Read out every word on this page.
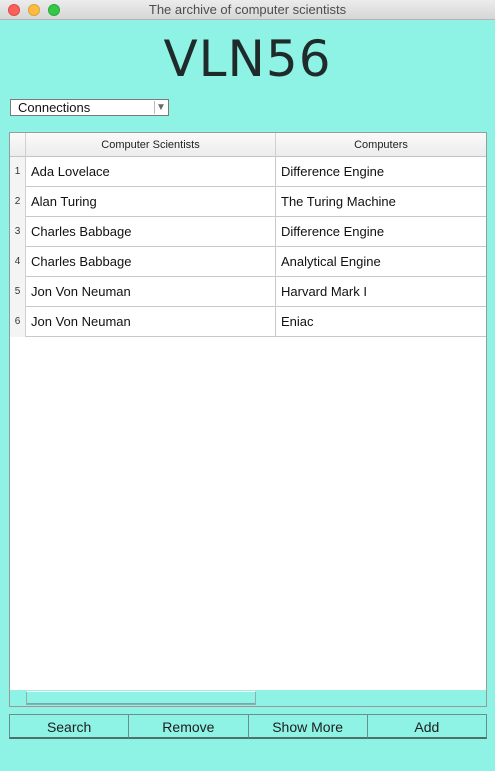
The archive of computer scientists
VLN56
Connections	▼
Computer Scientists	Computers
1 Ada Lovelace	Difference Engine
2 Alan Turing	The Turing Machine
3 Charles Babbage	Difference Engine
4 Charles Babbage	Analytical Engine
5 Jon Von Neuman	Harvard Mark I
6 Jon Von Neuman	Eniac
Search	Remove	Show More	Add
